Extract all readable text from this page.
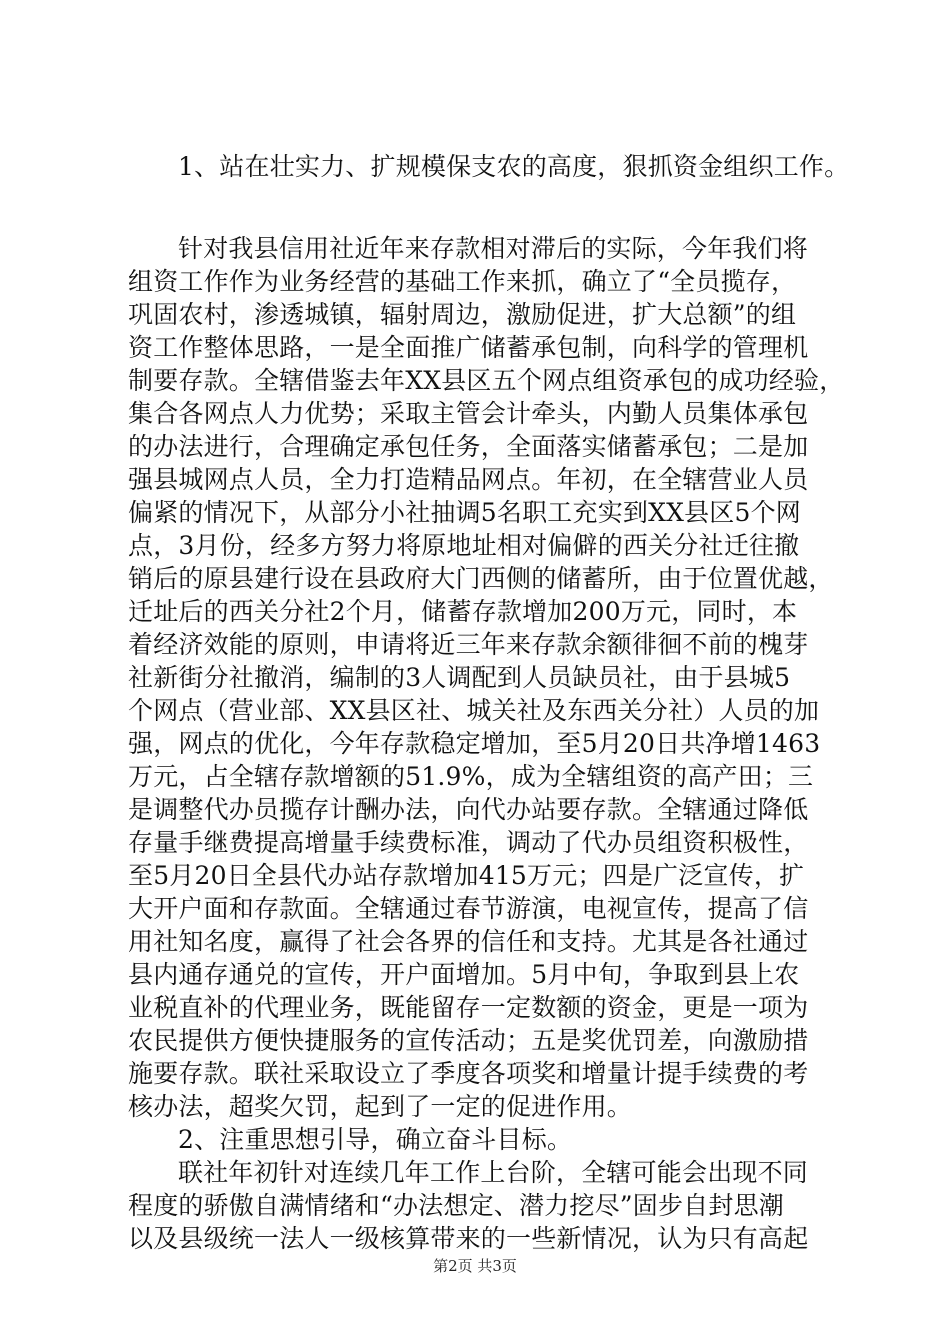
1、站在壮实力、扩规模保支农的高度，狠抓资金组织工作。
针对我县信用社近年来存款相对滞后的实际，今年我们将
组资工作作为业务经营的基础工作来抓，确立了“全员揽存，
巩固农村，渗透城镇，辐射周边，激励促进，扩大总额”的组
资工作整体思路，一是全面推广储蓄承包制，向科学的管理机
制要存款。全辖借鉴去年XX县区五个网点组资承包的成功经验，
集合各网点人力优势；采取主管会计牵头，内勤人员集体承包
的办法进行，合理确定承包任务，全面落实储蓄承包；二是加
强县城网点人员，全力打造精品网点。年初，在全辖营业人员
偏紧的情况下，从部分小社抽调5名职工充实到XX县区5个网
点，3月份，经多方努力将原地址相对偏僻的西关分社迁往撤
销后的原县建行设在县政府大门西侧的储蓄所，由于位置优越，
迁址后的西关分社2个月，储蓄存款增加200万元，同时，本
着经济效能的原则，申请将近三年来存款余额徘徊不前的槐芽
社新街分社撤消，编制的3人调配到人员缺员社，由于县城5
个网点（营业部、XX县区社、城关社及东西关分社）人员的加
强，网点的优化，今年存款稳定增加，至5月20日共净增1463
万元，占全辖存款增额的51.9%，成为全辖组资的高产田；三
是调整代办员揽存计酬办法，向代办站要存款。全辖通过降低
存量手继费提高增量手续费标准，调动了代办员组资积极性，
至5月20日全县代办站存款增加415万元；四是广泛宣传，扩
大开户面和存款面。全辖通过春节游演，电视宣传，提高了信
用社知名度，赢得了社会各界的信任和支持。尤其是各社通过
县内通存通兑的宣传，开户面增加。5月中旬，争取到县上农
业税直补的代理业务，既能留存一定数额的资金，更是一项为
农民提供方便快捷服务的宣传活动；五是奖优罚差，向激励措
施要存款。联社采取设立了季度各项奖和增量计提手续费的考
核办法，超奖欠罚，起到了一定的促进作用。
2、注重思想引导，确立奋斗目标。
联社年初针对连续几年工作上台阶，全辖可能会出现不同
程度的骄傲自满情绪和“办法想定、潜力挖尽”固步自封思潮
以及县级统一法人一级核算带来的一些新情况，认为只有高起
第2页 共3页
